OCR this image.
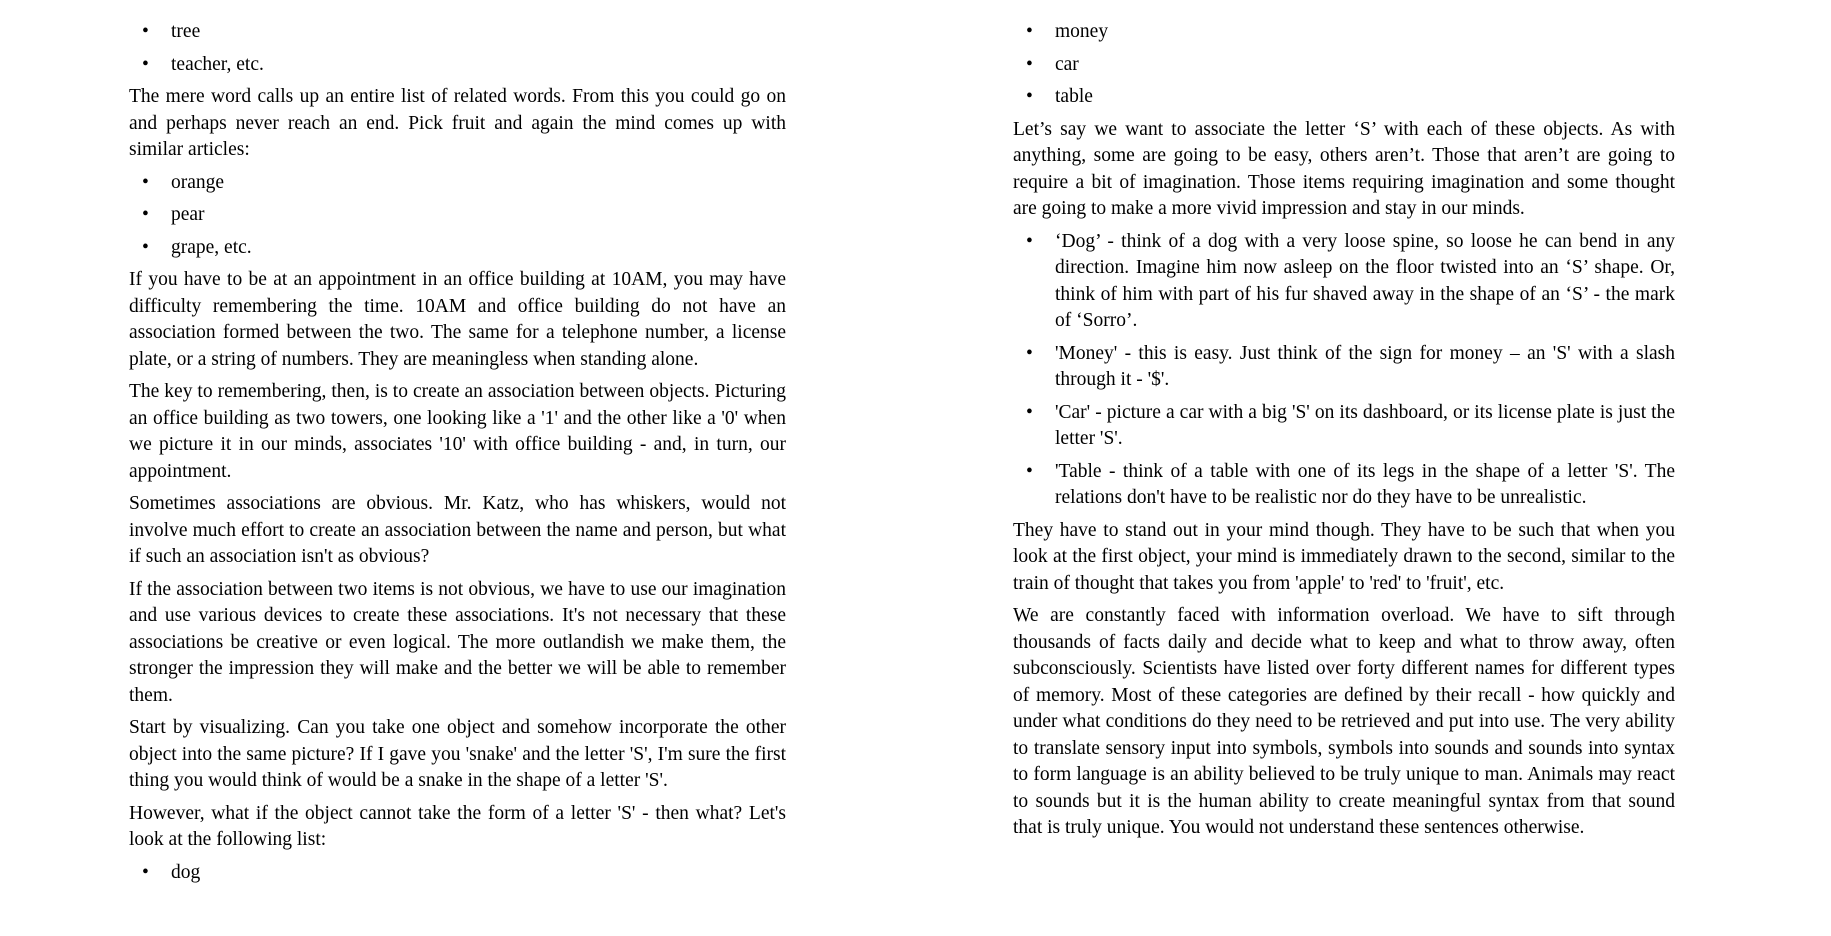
• tree
• teacher, etc.

The mere word calls up an entire list of related words. From this you could go on and perhaps never reach an end. Pick fruit and again the mind comes up with similar articles:

• orange
• pear
• grape, etc.

If you have to be at an appointment in an office building at 10AM, you may have difficulty remembering the time. 10AM and office building do not have an association formed between the two. The same for a telephone number, a license plate, or a string of numbers. They are meaningless when standing alone.

The key to remembering, then, is to create an association between objects. Picturing an office building as two towers, one looking like a '1' and the other like a '0' when we picture it in our minds, associates '10' with office building - and, in turn, our appointment.

Sometimes associations are obvious. Mr. Katz, who has whiskers, would not involve much effort to create an association between the name and person, but what if such an association isn't as obvious?

If the association between two items is not obvious, we have to use our imagination and use various devices to create these associations. It's not necessary that these associations be creative or even logical. The more outlandish we make them, the stronger the impression they will make and the better we will be able to remember them.

Start by visualizing. Can you take one object and somehow incorporate the other object into the same picture? If I gave you 'snake' and the letter 'S', I'm sure the first thing you would think of would be a snake in the shape of a letter 'S'.

However, what if the object cannot take the form of a letter 'S' - then what? Let's look at the following list:

• dog
• money
• car
• table

Let’s say we want to associate the letter ‘S’ with each of these objects. As with anything, some are going to be easy, others aren’t. Those that aren’t are going to require a bit of imagination. Those items requiring imagination and some thought are going to make a more vivid impression and stay in our minds.

• ‘Dog’ - think of a dog with a very loose spine, so loose he can bend in any direction. Imagine him now asleep on the floor twisted into an ‘S’ shape. Or, think of him with part of his fur shaved away in the shape of an ‘S’ - the mark of ‘Sorro’.
• 'Money' - this is easy. Just think of the sign for money – an 'S' with a slash through it - '$'.
• 'Car' - picture a car with a big 'S' on its dashboard, or its license plate is just the letter 'S'.
• 'Table - think of a table with one of its legs in the shape of a letter 'S'. The relations don't have to be realistic nor do they have to be unrealistic.

They have to stand out in your mind though. They have to be such that when you look at the first object, your mind is immediately drawn to the second, similar to the train of thought that takes you from 'apple' to 'red' to 'fruit', etc.

We are constantly faced with information overload. We have to sift through thousands of facts daily and decide what to keep and what to throw away, often subconsciously. Scientists have listed over forty different names for different types of memory. Most of these categories are defined by their recall - how quickly and under what conditions do they need to be retrieved and put into use. The very ability to translate sensory input into symbols, symbols into sounds and sounds into syntax to form language is an ability believed to be truly unique to man. Animals may react to sounds but it is the human ability to create meaningful syntax from that sound that is truly unique. You would not understand these sentences otherwise.
